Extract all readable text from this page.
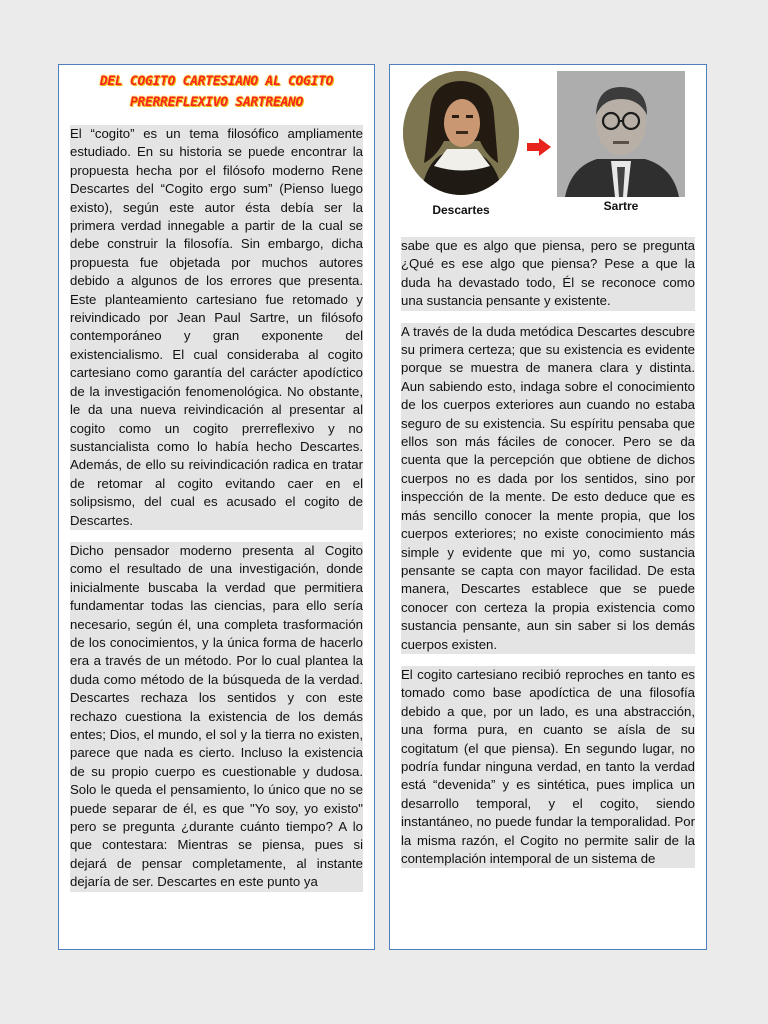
DEL COGITO CARTESIANO AL COGITO PRERREFLEXIVO SARTREANO

El “cogito” es un tema filosófico ampliamente estudiado. En su historia se puede encontrar la propuesta hecha por el filósofo moderno Rene Descartes del “Cogito ergo sum” (Pienso luego existo), según este autor ésta debía ser la primera verdad innegable a partir de la cual se debe construir la filosofía. Sin embargo, dicha propuesta fue objetada por muchos autores debido a algunos de los errores que presenta. Este planteamiento cartesiano fue retomado y reivindicado por Jean Paul Sartre, un filósofo contemporáneo y gran exponente del existencialismo. El cual consideraba al cogito cartesiano como garantía del carácter apodíctico de la investigación fenomenológica. No obstante, le da una nueva reivindicación al presentar al cogito como un cogito prerreflexivo y no sustancialista como lo había hecho Descartes. Además, de ello su reivindicación radica en tratar de retomar al cogito evitando caer en el solipsismo, del cual es acusado el cogito de Descartes.

Dicho pensador moderno presenta al Cogito como el resultado de una investigación, donde inicialmente buscaba la verdad que permitiera fundamentar todas las ciencias, para ello sería necesario, según él, una completa trasformación de los conocimientos, y la única forma de hacerlo era a través de un método. Por lo cual plantea la duda como método de la búsqueda de la verdad. Descartes rechaza los sentidos y con este rechazo cuestiona la existencia de los demás entes; Dios, el mundo, el sol y la tierra no existen, parece que nada es cierto. Incluso la existencia de su propio cuerpo es cuestionable y dudosa. Solo le queda el pensamiento, lo único que no se puede separar de él, es que "Yo soy, yo existo" pero se pregunta ¿durante cuánto tiempo? A lo que contestara: Mientras se piensa, pues si dejará de pensar completamente, al instante dejaría de ser. Descartes en este punto ya

Descartes	Sartre

sabe que es algo que piensa, pero se pregunta ¿Qué es ese algo que piensa? Pese a que la duda ha devastado todo, Él se reconoce como una sustancia pensante y existente.

A través de la duda metódica Descartes descubre su primera certeza; que su existencia es evidente porque se muestra de manera clara y distinta. Aun sabiendo esto, indaga sobre el conocimiento de los cuerpos exteriores aun cuando no estaba seguro de su existencia. Su espíritu pensaba que ellos son más fáciles de conocer. Pero se da cuenta que la percepción que obtiene de dichos cuerpos no es dada por los sentidos, sino por inspección de la mente. De esto deduce que es más sencillo conocer la mente propia, que los cuerpos exteriores; no existe conocimiento más simple y evidente que mi yo, como sustancia pensante se capta con mayor facilidad. De esta manera, Descartes establece que se puede conocer con certeza la propia existencia como sustancia pensante, aun sin saber si los demás cuerpos existen.

El cogito cartesiano recibió reproches en tanto es tomado como base apodíctica de una filosofía debido a que, por un lado, es una abstracción, una forma pura, en cuanto se aísla de su cogitatum (el que piensa). En segundo lugar, no podría fundar ninguna verdad, en tanto la verdad está “devenida” y es sintética, pues implica un desarrollo temporal, y el cogito, siendo instantáneo, no puede fundar la temporalidad. Por la misma razón, el Cogito no permite salir de la contemplación intemporal de un sistema de
